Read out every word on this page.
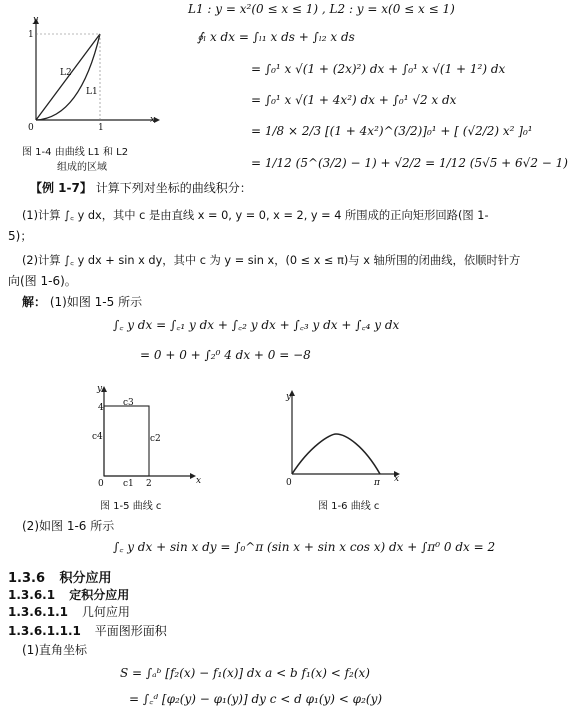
y
x
0	1
1
L2
L1
图 1-4 由曲线 L1 和 L2
组成的区域
L1 : y = x²(0 ≤ x ≤ 1) , L2 : y = x(0 ≤ x ≤ 1)
∮ₗ x dx = ∫ₗ₁ x ds + ∫ₗ₂ x ds
= ∫₀¹ x √(1 + (2x)²) dx + ∫₀¹ x √(1 + 1²) dx
= ∫₀¹ x √(1 + 4x²) dx + ∫₀¹ √2 x dx
= 1/8 × 2/3 [(1 + 4x²)^(3/2)]₀¹ + [ (√2/2) x² ]₀¹
= 1/12 (5^(3/2) − 1) + √2/2 = 1/12 (5√5 + 6√2 − 1)
【例 1-7】 计算下列对坐标的曲线积分：
(1)计算 ∫꜀ y dx，其中 c 是由直线 x = 0, y = 0, x = 2, y = 4 所围成的正向矩形回路(图 1-
5)；
(2)计算 ∫꜀ y dx + sin x dy，其中 c 为 y = sin x，(0 ≤ x ≤ π)与 x 轴所围的闭曲线，依顺时针方
向(图 1-6)。
解： (1)如图 1-5 所示
∫꜀ y dx = ∫꜀₁ y dx + ∫꜀₂ y dx + ∫꜀₃ y dx + ∫꜀₄ y dx
= 0 + 0 + ∫₂⁰ 4 dx + 0 = −8
y
x
4
0	2
c3
c2
c4
c1
图 1-5 曲线 c
y
x
0	π
图 1-6 曲线 c
(2)如图 1-6 所示
∫꜀ y dx + sin x dy = ∫₀^π (sin x + sin x cos x) dx + ∫π⁰ 0 dx = 2
1.3.6 积分应用
1.3.6.1 定积分应用
1.3.6.1.1 几何应用
1.3.6.1.1.1 平面图形面积
(1)直角坐标
S = ∫ₐᵇ [f₂(x) − f₁(x)] dx a < b f₁(x) < f₂(x)
= ∫꜀ᵈ [φ₂(y) − φ₁(y)] dy c < d φ₁(y) < φ₂(y)
